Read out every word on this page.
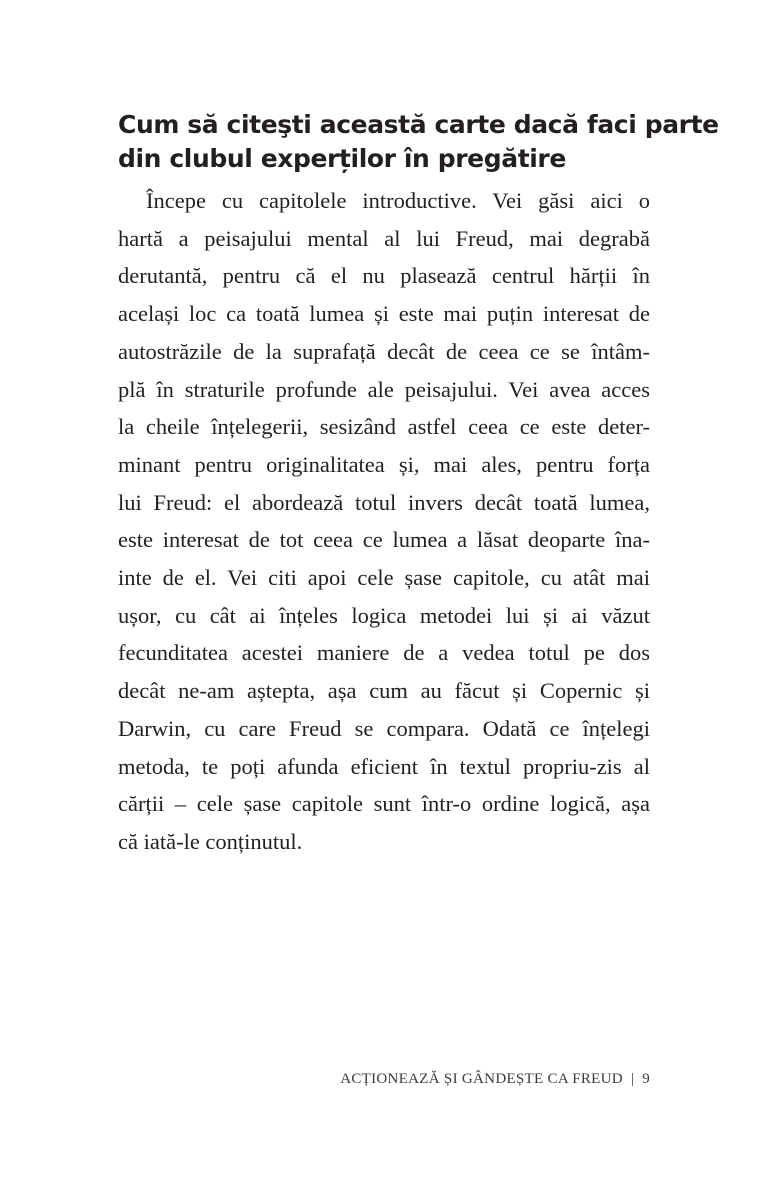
Cum să citeşti această carte dacă faci parte
din clubul experților în pregătire
Începe cu capitolele introductive. Vei găsi aici o
hartă a peisajului mental al lui Freud, mai degrabă
derutantă, pentru că el nu plasează centrul hărții în
același loc ca toată lumea și este mai puțin interesat de
autostrăzile de la suprafață decât de ceea ce se întâm-
plă în straturile profunde ale peisajului. Vei avea acces
la cheile înțelegerii, sesizând astfel ceea ce este deter-
minant pentru originalitatea și, mai ales, pentru forța
lui Freud: el abordează totul invers decât toată lumea,
este interesat de tot ceea ce lumea a lăsat deoparte îna-
inte de el. Vei citi apoi cele șase capitole, cu atât mai
ușor, cu cât ai înțeles logica metodei lui și ai văzut
fecunditatea acestei maniere de a vedea totul pe dos
decât ne-am aștepta, așa cum au făcut și Copernic și
Darwin, cu care Freud se compara. Odată ce înțelegi
metoda, te poți afunda eficient în textul propriu-zis al
cărții – cele șase capitole sunt într-o ordine logică, așa
că iată-le conținutul.
ACȚIONEAZĂ ȘI GÂNDEȘTE CA FREUD | 9
